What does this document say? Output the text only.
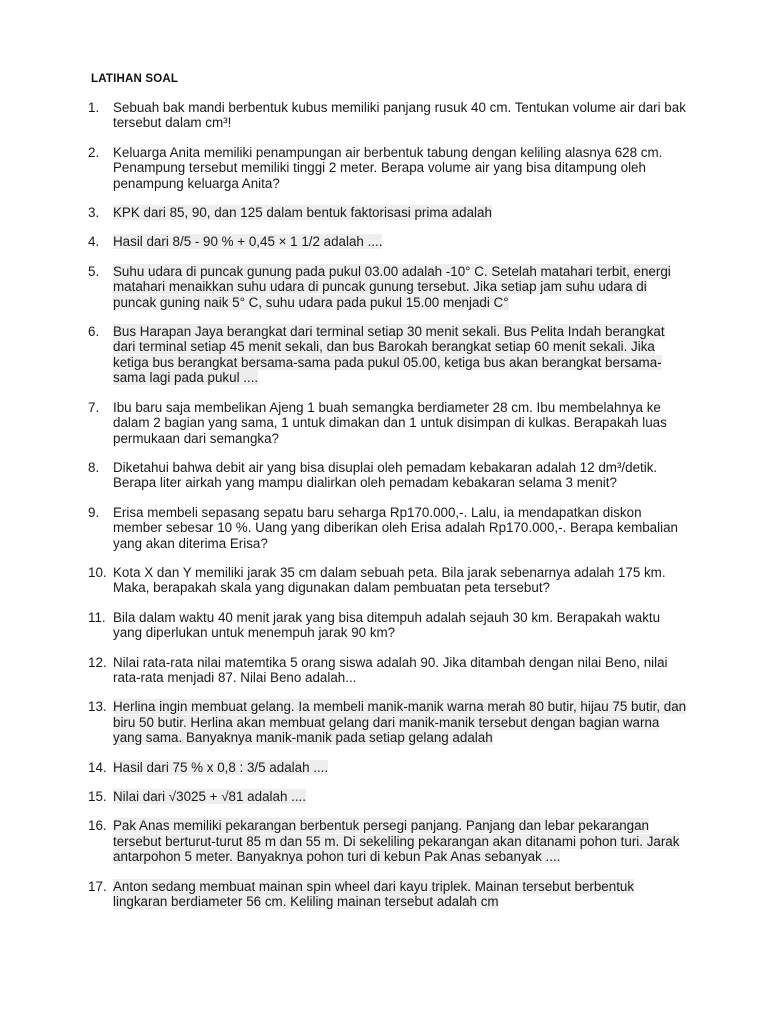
LATIHAN SOAL
1.	Sebuah bak mandi berbentuk kubus memiliki panjang rusuk 40 cm. Tentukan volume air dari bak tersebut dalam cm³!
2.	Keluarga Anita memiliki penampungan air berbentuk tabung dengan keliling alasnya 628 cm. Penampung tersebut memiliki tinggi 2 meter. Berapa volume air yang bisa ditampung oleh penampung keluarga Anita?
3.	KPK dari 85, 90, dan 125 dalam bentuk faktorisasi prima adalah
4.	Hasil dari 8/5 - 90 % + 0,45 × 1 1/2 adalah ....
5.	Suhu udara di puncak gunung pada pukul 03.00 adalah -10° C. Setelah matahari terbit, energi matahari menaikkan suhu udara di puncak gunung tersebut. Jika setiap jam suhu udara di puncak guning naik 5° C, suhu udara pada pukul 15.00 menjadi C°
6.	Bus Harapan Jaya berangkat dari terminal setiap 30 menit sekali. Bus Pelita Indah berangkat dari terminal setiap 45 menit sekali, dan bus Barokah berangkat setiap 60 menit sekali. Jika ketiga bus berangkat bersama-sama pada pukul 05.00, ketiga bus akan berangkat bersama- sama lagi pada pukul ....
7.	Ibu baru saja membelikan Ajeng 1 buah semangka berdiameter 28 cm. Ibu membelahnya ke dalam 2 bagian yang sama, 1 untuk dimakan dan 1 untuk disimpan di kulkas. Berapakah luas permukaan dari semangka?
8.	Diketahui bahwa debit air yang bisa disuplai oleh pemadam kebakaran adalah 12 dm³/detik. Berapa liter airkah yang mampu dialirkan oleh pemadam kebakaran selama 3 menit?
9.	Erisa membeli sepasang sepatu baru seharga Rp170.000,-. Lalu, ia mendapatkan diskon member sebesar 10 %. Uang yang diberikan oleh Erisa adalah Rp170.000,-. Berapa kembalian yang akan diterima Erisa?
10. Kota X dan Y memiliki jarak 35 cm dalam sebuah peta. Bila jarak sebenarnya adalah 175 km. Maka, berapakah skala yang digunakan dalam pembuatan peta tersebut?
11. Bila dalam waktu 40 menit jarak yang bisa ditempuh adalah sejauh 30 km. Berapakah waktu yang diperlukan untuk menempuh jarak 90 km?
12. Nilai rata-rata nilai matemtika 5 orang siswa adalah 90. Jika ditambah dengan nilai Beno, nilai rata-rata menjadi 87. Nilai Beno adalah...
13. Herlina ingin membuat gelang. Ia membeli manik-manik warna merah 80 butir, hijau 75 butir, dan biru 50 butir. Herlina akan membuat gelang dari manik-manik tersebut dengan bagian warna yang sama. Banyaknya manik-manik pada setiap gelang adalah
14. Hasil dari 75 % x 0,8 : 3/5 adalah ....
15. Nilai dari √3025 + √81 adalah ....
16. Pak Anas memiliki pekarangan berbentuk persegi panjang. Panjang dan lebar pekarangan tersebut berturut-turut 85 m dan 55 m. Di sekeliling pekarangan akan ditanami pohon turi. Jarak antarpohon 5 meter. Banyaknya pohon turi di kebun Pak Anas sebanyak ....
17. Anton sedang membuat mainan spin wheel dari kayu triplek. Mainan tersebut berbentuk lingkaran berdiameter 56 cm. Keliling mainan tersebut adalah cm
